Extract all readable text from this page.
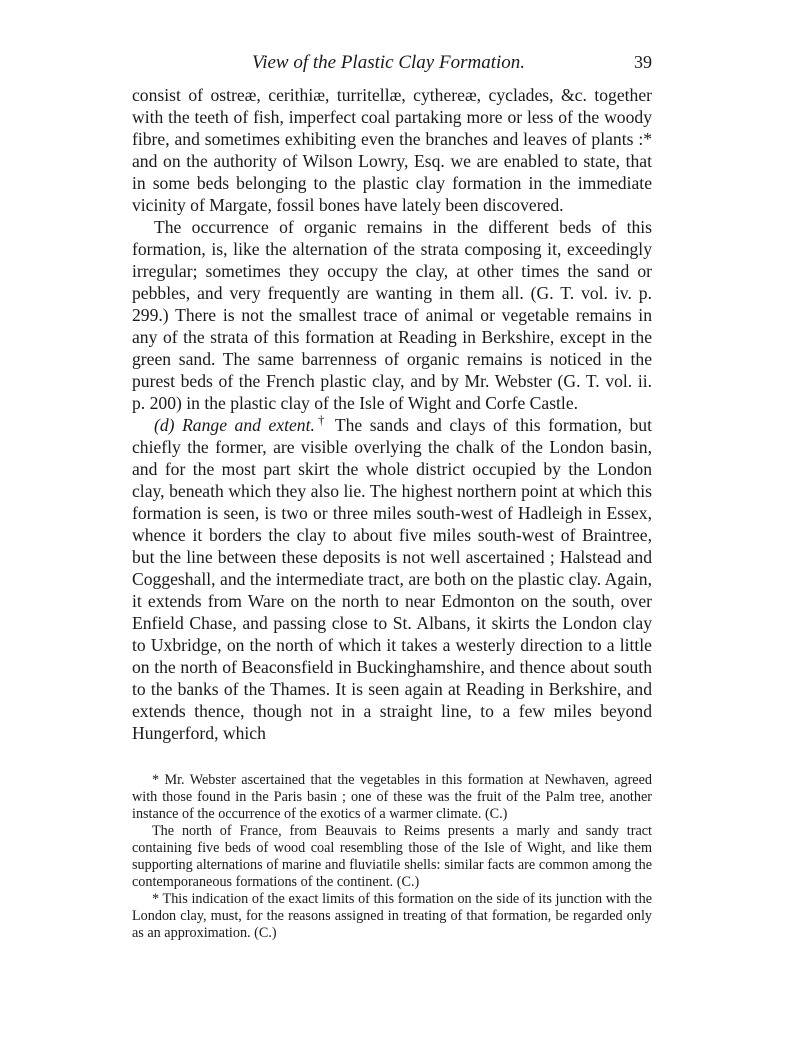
View of the Plastic Clay Formation.	39

consist of ostreæ, cerithiæ, turritellæ, cythereæ, cyclades, &c. together with the teeth of fish, imperfect coal partaking more or less of the woody fibre, and sometimes exhibiting even the branches and leaves of plants :* and on the authority of Wilson Lowry, Esq. we are enabled to state, that in some beds belonging to the plastic clay formation in the immediate vicinity of Margate, fossil bones have lately been discovered.

The occurrence of organic remains in the different beds of this formation, is, like the alternation of the strata composing it, exceedingly irregular; sometimes they occupy the clay, at other times the sand or pebbles, and very frequently are wanting in them all. (G. T. vol. iv. p. 299.) There is not the smallest trace of animal or vegetable remains in any of the strata of this formation at Reading in Berkshire, except in the green sand. The same barrenness of organic remains is noticed in the purest beds of the French plastic clay, and by Mr. Webster (G. T. vol. ii. p. 200) in the plastic clay of the Isle of Wight and Corfe Castle.

(d) Range and extent.† The sands and clays of this formation, but chiefly the former, are visible overlying the chalk of the London basin, and for the most part skirt the whole district occupied by the London clay, beneath which they also lie. The highest northern point at which this formation is seen, is two or three miles south-west of Hadleigh in Essex, whence it borders the clay to about five miles south-west of Braintree, but the line between these deposits is not well ascertained ; Halstead and Coggeshall, and the intermediate tract, are both on the plastic clay. Again, it extends from Ware on the north to near Edmonton on the south, over Enfield Chase, and passing close to St. Albans, it skirts the London clay to Uxbridge, on the north of which it takes a westerly direction to a little on the north of Beaconsfield in Buckinghamshire, and thence about south to the banks of the Thames. It is seen again at Reading in Berkshire, and extends thence, though not in a straight line, to a few miles beyond Hungerford, which

* Mr. Webster ascertained that the vegetables in this formation at Newhaven, agreed with those found in the Paris basin ; one of these was the fruit of the Palm tree, another instance of the occurrence of the exotics of a warmer climate. (C.)

The north of France, from Beauvais to Reims presents a marly and sandy tract containing five beds of wood coal resembling those of the Isle of Wight, and like them supporting alternations of marine and fluviatile shells: similar facts are common among the contemporaneous formations of the continent. (C.)

* This indication of the exact limits of this formation on the side of its junction with the London clay, must, for the reasons assigned in treating of that formation, be regarded only as an approximation. (C.)
